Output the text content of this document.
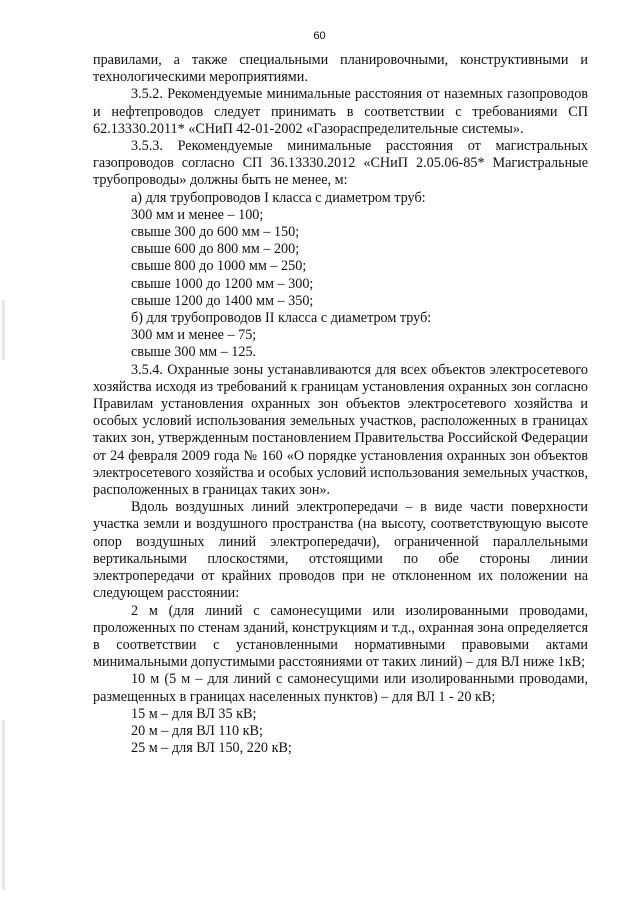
60

правилами, а также специальными планировочными, конструктивными и технологическими мероприятиями.

3.5.2. Рекомендуемые минимальные расстояния от наземных газопроводов и нефтепроводов следует принимать в соответствии с требованиями СП 62.13330.2011* «СНиП 42-01-2002 «Газораспределительные системы».

3.5.3. Рекомендуемые минимальные расстояния от магистральных газопроводов согласно СП 36.13330.2012 «СНиП 2.05.06-85* Магистральные трубопроводы» должны быть не менее, м:

а) для трубопроводов I класса с диаметром труб:

300 мм и менее – 100;

свыше 300 до 600 мм – 150;

свыше 600 до 800 мм – 200;

свыше 800 до 1000 мм – 250;

свыше 1000 до 1200 мм – 300;

свыше 1200 до 1400 мм – 350;

б) для трубопроводов II класса с диаметром труб:

300 мм и менее – 75;

свыше 300 мм – 125.

3.5.4. Охранные зоны устанавливаются для всех объектов электросетевого хозяйства исходя из требований к границам установления охранных зон согласно Правилам установления охранных зон объектов электросетевого хозяйства и особых условий использования земельных участков, расположенных в границах таких зон, утвержденным постановлением Правительства Российской Федерации от 24 февраля 2009 года № 160 «О порядке установления охранных зон объектов электросетевого хозяйства и особых условий использования земельных участков, расположенных в границах таких зон».

Вдоль воздушных линий электропередачи – в виде части поверхности участка земли и воздушного пространства (на высоту, соответствующую высоте опор воздушных линий электропередачи), ограниченной параллельными вертикальными плоскостями, отстоящими по обе стороны линии электропередачи от крайних проводов при не отклоненном их положении на следующем расстоянии:

2 м (для линий с самонесущими или изолированными проводами, проложенных по стенам зданий, конструкциям и т.д., охранная зона определяется в соответствии с установленными нормативными правовыми актами минимальными допустимыми расстояниями от таких линий) – для ВЛ ниже 1кВ;

10 м (5 м – для линий с самонесущими или изолированными проводами, размещенных в границах населенных пунктов) – для ВЛ 1 - 20 кВ;

15 м – для ВЛ 35 кВ;

20 м – для ВЛ 110 кВ;

25 м – для ВЛ 150, 220 кВ;
